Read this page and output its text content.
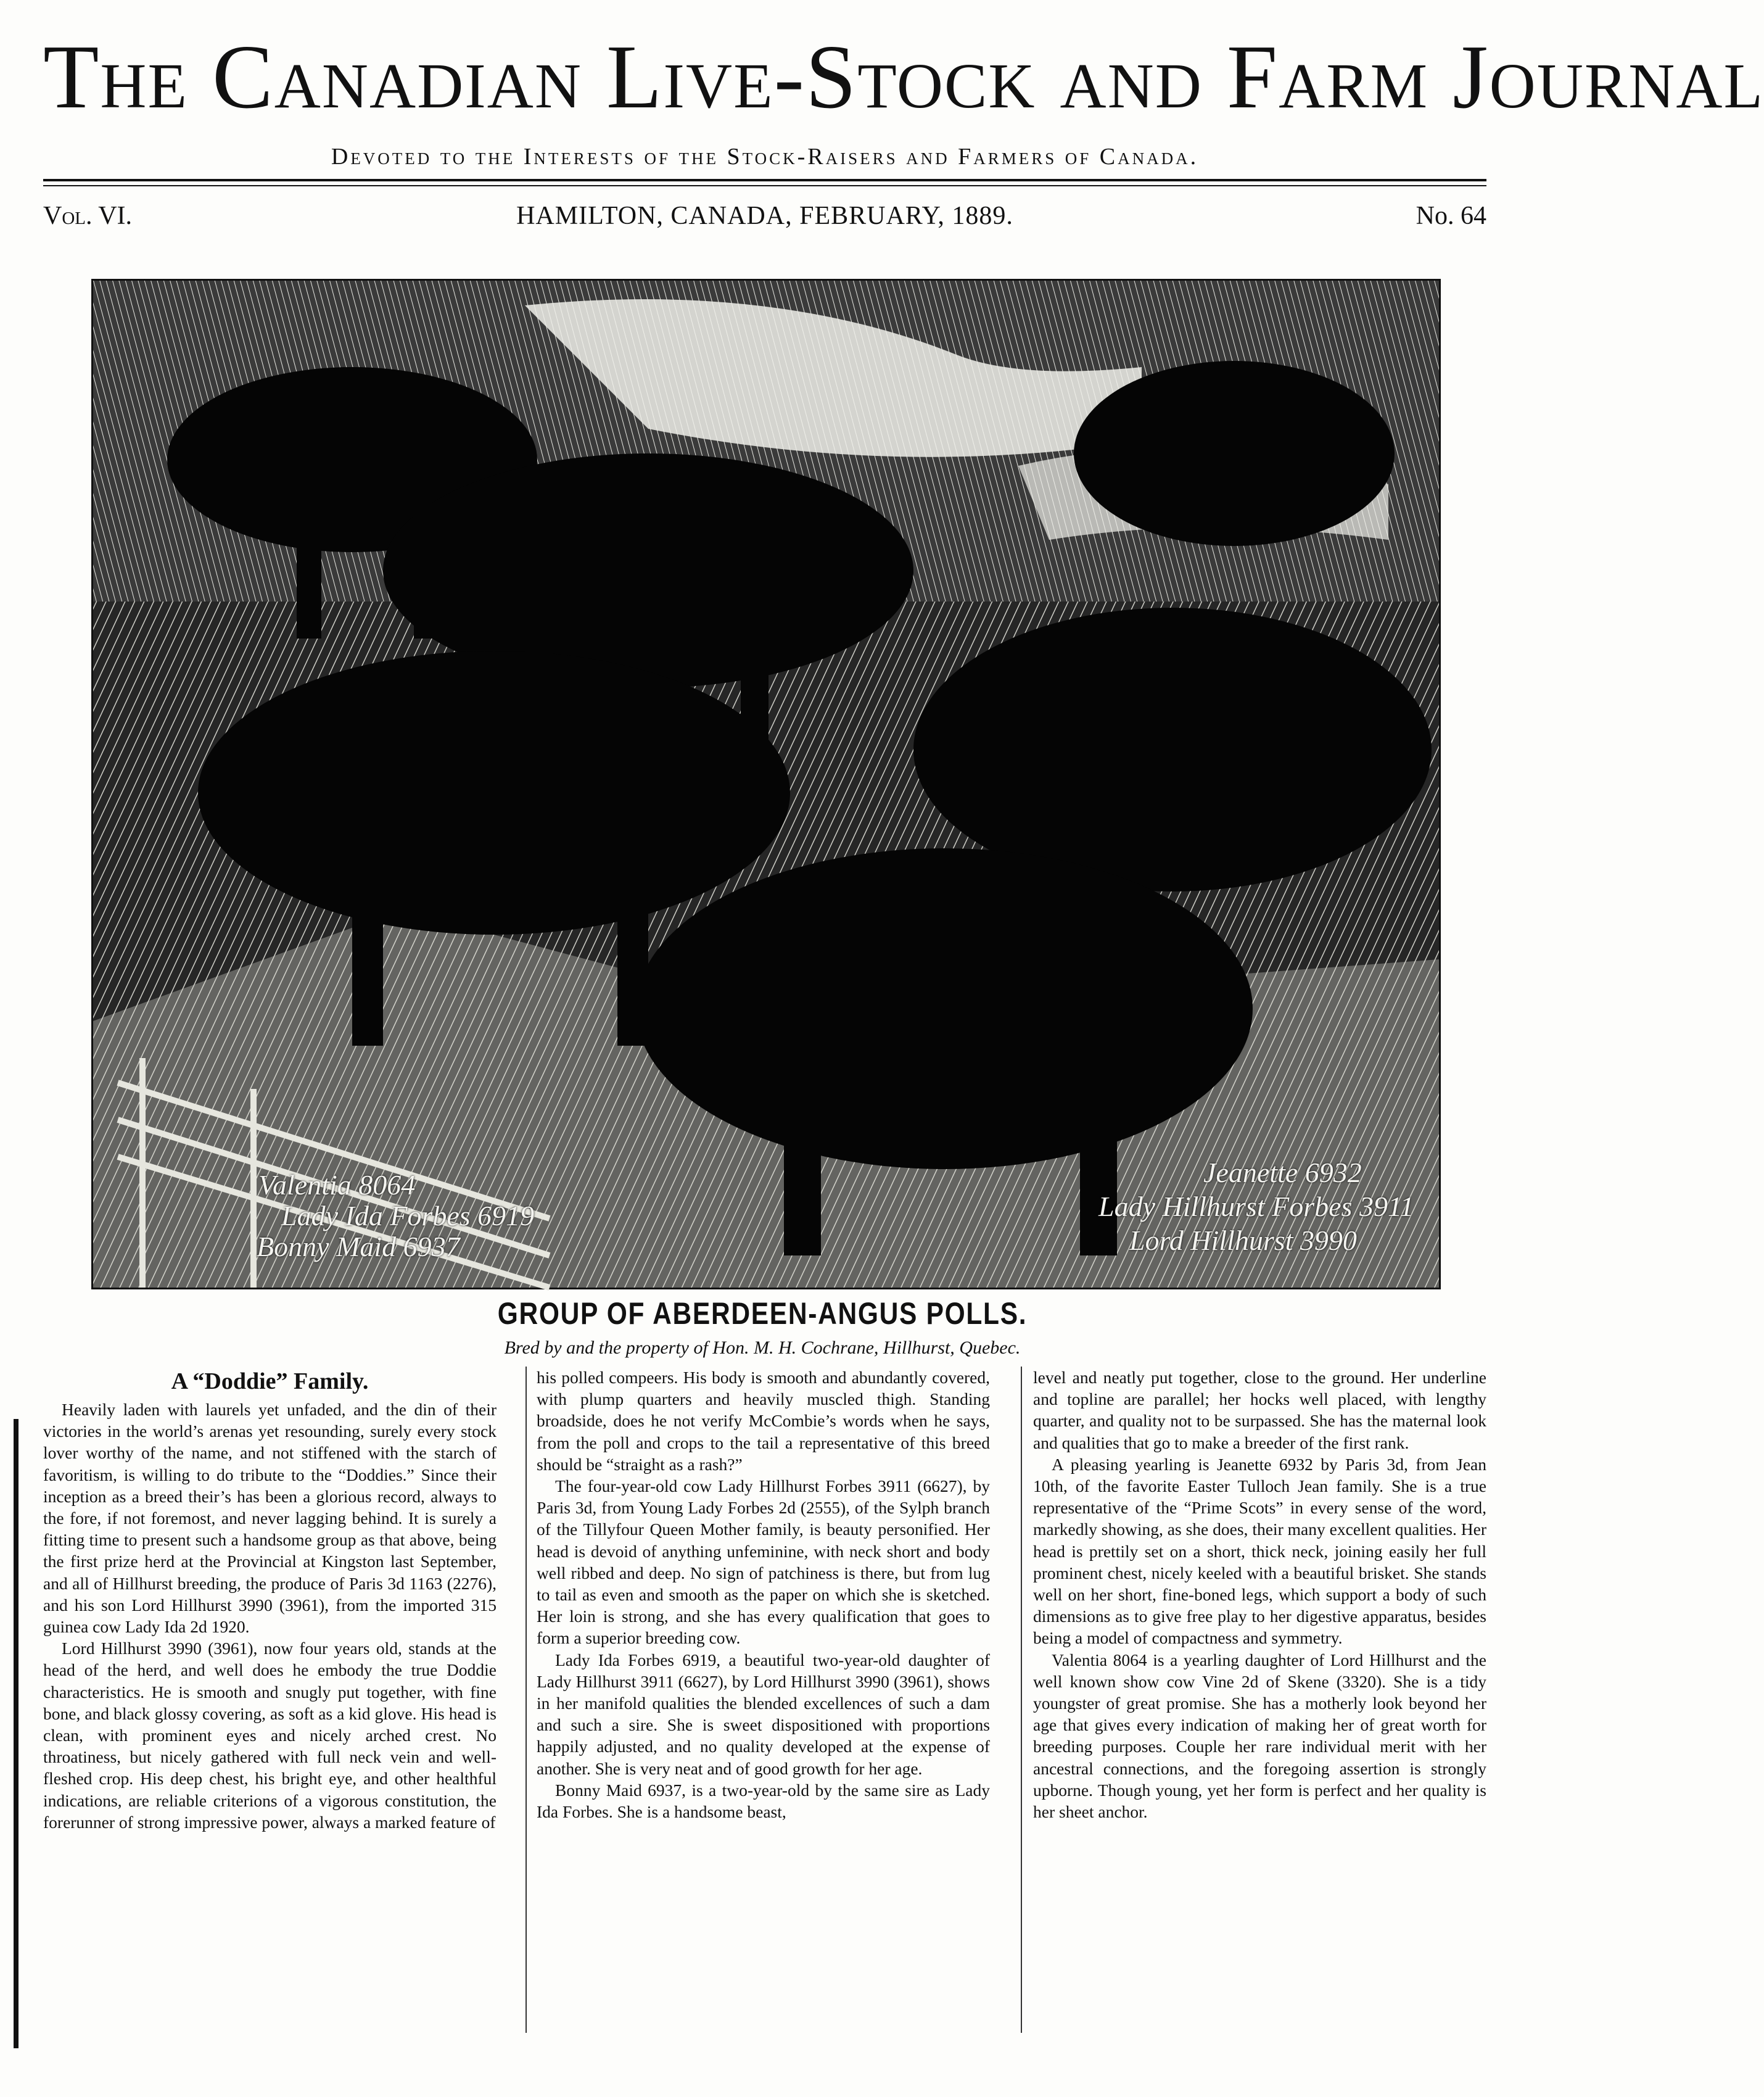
The Canadian Live-Stock and Farm Journal
Devoted to the Interests of the Stock-Raisers and Farmers of Canada.
Vol. VI.	HAMILTON, CANADA, FEBRUARY, 1889.	No. 64
Valentia 8064
Lady Ida Forbes 6919
Bonny Maid 6937
Jeanette 6932
Lady Hillhurst Forbes 3911
Lord Hillhurst 3990
GROUP OF ABERDEEN-ANGUS POLLS.
Bred by and the property of Hon. M. H. Cochrane, Hillhurst, Quebec.
A “Doddie” Family.

Heavily laden with laurels yet unfaded, and the din of their victories in the world’s arenas yet resounding, surely every stock lover worthy of the name, and not stiffened with the starch of favoritism, is willing to do tribute to the “Doddies.” Since their inception as a breed their’s has been a glorious record, always to the fore, if not foremost, and never lagging behind. It is surely a fitting time to present such a handsome group as that above, being the first prize herd at the Provincial at Kingston last September, and all of Hillhurst breeding, the produce of Paris 3d 1163 (2276), and his son Lord Hillhurst 3990 (3961), from the imported 315 guinea cow Lady Ida 2d 1920.

Lord Hillhurst 3990 (3961), now four years old, stands at the head of the herd, and well does he embody the true Doddie characteristics. He is smooth and snugly put together, with fine bone, and black glossy covering, as soft as a kid glove. His head is clean, with prominent eyes and nicely arched crest. No throatiness, but nicely gathered with full neck vein and well-fleshed crop. His deep chest, his bright eye, and other healthful indications, are reliable criterions of a vigorous constitution, the forerunner of strong impressive power, always a marked feature of

his polled compeers. His body is smooth and abundantly covered, with plump quarters and heavily muscled thigh. Standing broadside, does he not verify McCombie’s words when he says, from the poll and crops to the tail a representative of this breed should be “straight as a rash?”

The four-year-old cow Lady Hillhurst Forbes 3911 (6627), by Paris 3d, from Young Lady Forbes 2d (2555), of the Sylph branch of the Tillyfour Queen Mother family, is beauty personified. Her head is devoid of anything unfeminine, with neck short and body well ribbed and deep. No sign of patchiness is there, but from lug to tail as even and smooth as the paper on which she is sketched. Her loin is strong, and she has every qualification that goes to form a superior breeding cow.

Lady Ida Forbes 6919, a beautiful two-year-old daughter of Lady Hillhurst 3911 (6627), by Lord Hillhurst 3990 (3961), shows in her manifold qualities the blended excellences of such a dam and such a sire. She is sweet dispositioned with proportions happily adjusted, and no quality developed at the expense of another. She is very neat and of good growth for her age.

Bonny Maid 6937, is a two-year-old by the same sire as Lady Ida Forbes. She is a handsome beast,

level and neatly put together, close to the ground. Her underline and topline are parallel; her hocks well placed, with lengthy quarter, and quality not to be surpassed. She has the maternal look and qualities that go to make a breeder of the first rank.

A pleasing yearling is Jeanette 6932 by Paris 3d, from Jean 10th, of the favorite Easter Tulloch Jean family. She is a true representative of the “Prime Scots” in every sense of the word, markedly showing, as she does, their many excellent qualities. Her head is prettily set on a short, thick neck, joining easily her full prominent chest, nicely keeled with a beautiful brisket. She stands well on her short, fine-boned legs, which support a body of such dimensions as to give free play to her digestive apparatus, besides being a model of compactness and symmetry.

Valentia 8064 is a yearling daughter of Lord Hillhurst and the well known show cow Vine 2d of Skene (3320). She is a tidy youngster of great promise. She has a motherly look beyond her age that gives every indication of making her of great worth for breeding purposes. Couple her rare individual merit with her ancestral connections, and the foregoing assertion is strongly upborne. Though young, yet her form is perfect and her quality is her sheet anchor.
